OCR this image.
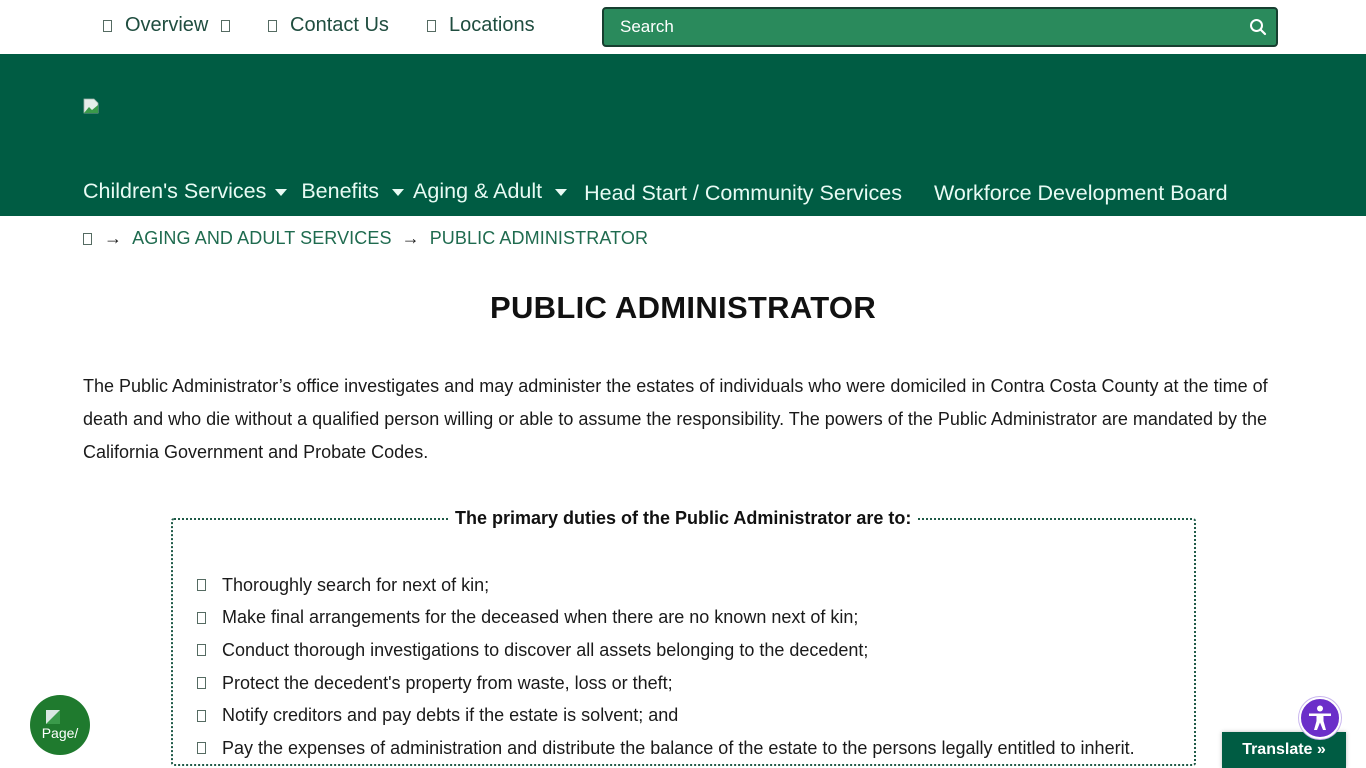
Overview	Contact Us	Locations
Search
Children's Services Benefits Aging & Adult Head Start / Community Services Workforce Development Board
→ AGING AND ADULT SERVICES → PUBLIC ADMINISTRATOR
PUBLIC ADMINISTRATOR

The Public Administrator’s office investigates and may administer the estates of individuals who were domiciled in Contra Costa County at the time of death and who die without a qualified person willing or able to assume the responsibility. The powers of the Public Administrator are mandated by the California Government and Probate Codes.

The primary duties of the Public Administrator are to:
Thoroughly search for next of kin;
Make final arrangements for the deceased when there are no known next of kin;
Conduct thorough investigations to discover all assets belonging to the decedent;
Protect the decedent's property from waste, loss or theft;
Notify creditors and pay debts if the estate is solvent; and
Pay the expenses of administration and distribute the balance of the estate to the persons legally entitled to inherit.
Page/
Translate »
